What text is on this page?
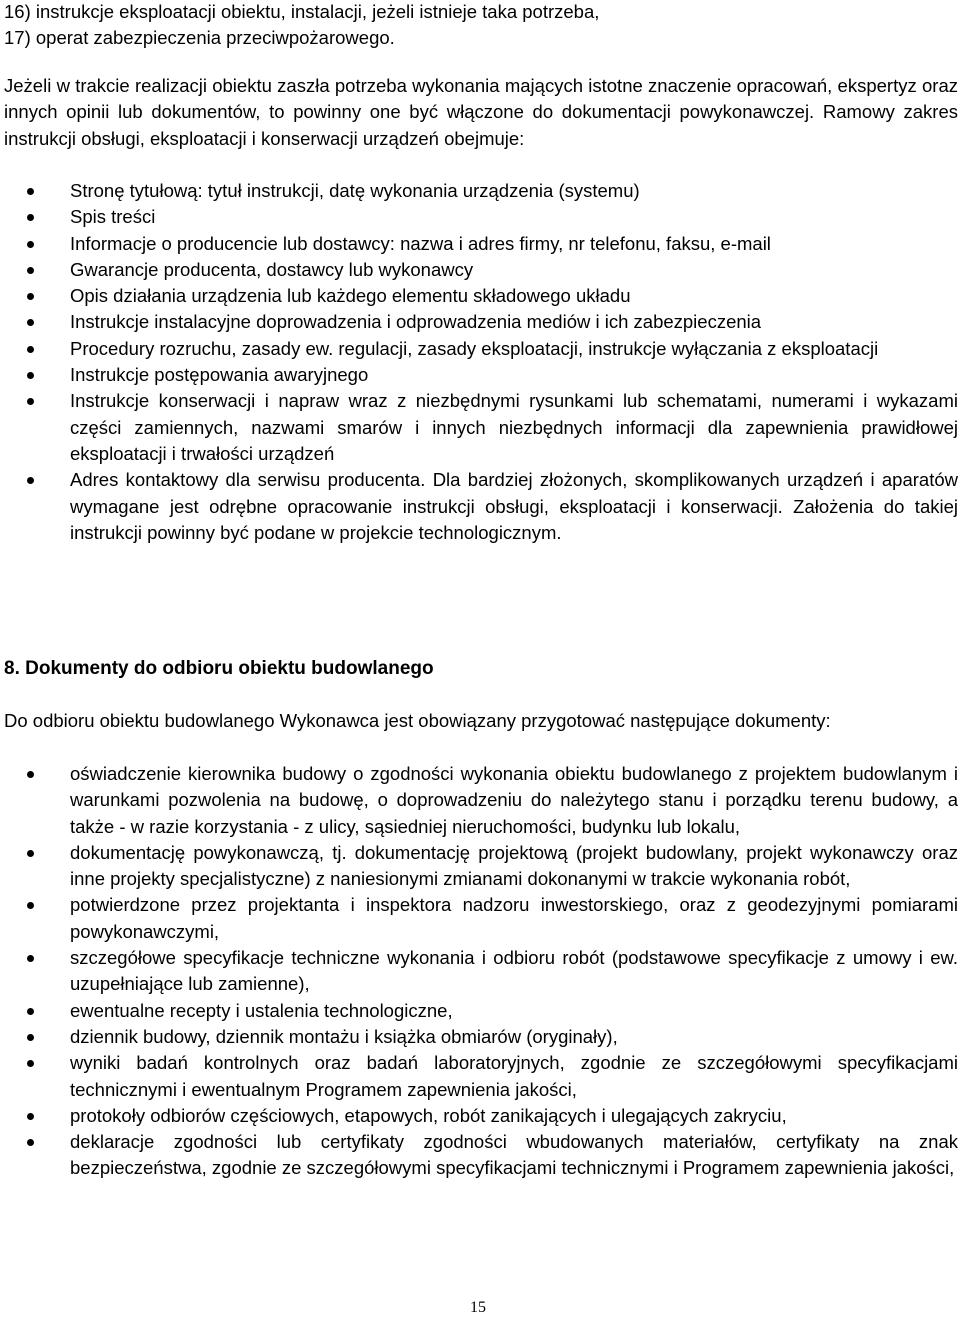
16) instrukcje eksploatacji obiektu, instalacji, jeżeli istnieje taka potrzeba,
17) operat zabezpieczenia przeciwpożarowego.
Jeżeli w trakcie realizacji obiektu zaszła potrzeba wykonania mających istotne znaczenie opracowań, ekspertyz oraz innych opinii lub dokumentów, to powinny one być włączone do dokumentacji powykonawczej. Ramowy zakres instrukcji obsługi, eksploatacji i konserwacji urządzeń obejmuje:
Stronę tytułową: tytuł instrukcji, datę wykonania urządzenia (systemu)
Spis treści
Informacje o producencie lub dostawcy: nazwa i adres firmy, nr telefonu, faksu, e-mail
Gwarancje producenta, dostawcy lub wykonawcy
Opis działania urządzenia lub każdego elementu składowego układu
Instrukcje instalacyjne doprowadzenia i odprowadzenia mediów i ich zabezpieczenia
Procedury rozruchu, zasady ew. regulacji, zasady eksploatacji, instrukcje wyłączania z eksploatacji
Instrukcje postępowania awaryjnego
Instrukcje konserwacji i napraw wraz z niezbędnymi rysunkami lub schematami, numerami i wykazami części zamiennych, nazwami smarów i innych niezbędnych informacji dla zapewnienia prawidłowej eksploatacji i trwałości urządzeń
Adres kontaktowy dla serwisu producenta. Dla bardziej złożonych, skomplikowanych urządzeń i aparatów wymagane jest odrębne opracowanie instrukcji obsługi, eksploatacji i konserwacji. Założenia do takiej instrukcji powinny być podane w projekcie technologicznym.
8. Dokumenty do odbioru obiektu budowlanego
Do odbioru obiektu budowlanego Wykonawca jest obowiązany przygotować następujące dokumenty:
oświadczenie kierownika budowy o zgodności wykonania obiektu budowlanego z projektem budowlanym i warunkami pozwolenia na budowę, o doprowadzeniu do należytego stanu i porządku terenu budowy, a także - w razie korzystania - z ulicy, sąsiedniej nieruchomości, budynku lub lokalu,
dokumentację powykonawczą, tj. dokumentację projektową (projekt budowlany, projekt wykonawczy oraz inne projekty specjalistyczne) z naniesionymi zmianami dokonanymi w trakcie wykonania robót,
potwierdzone przez projektanta i inspektora nadzoru inwestorskiego, oraz z geodezyjnymi pomiarami powykonawczymi,
szczegółowe specyfikacje techniczne wykonania i odbioru robót (podstawowe specyfikacje z umowy i ew. uzupełniające lub zamienne),
ewentualne recepty i ustalenia technologiczne,
dziennik budowy, dziennik montażu i książka obmiarów (oryginały),
wyniki badań kontrolnych oraz badań laboratoryjnych, zgodnie ze szczegółowymi specyfikacjami technicznymi i ewentualnym Programem zapewnienia jakości,
protokoły odbiorów częściowych, etapowych, robót zanikających i ulegających zakryciu,
deklaracje zgodności lub certyfikaty zgodności wbudowanych materiałów, certyfikaty na znak bezpieczeństwa, zgodnie ze szczegółowymi specyfikacjami technicznymi i Programem zapewnienia jakości,
15
